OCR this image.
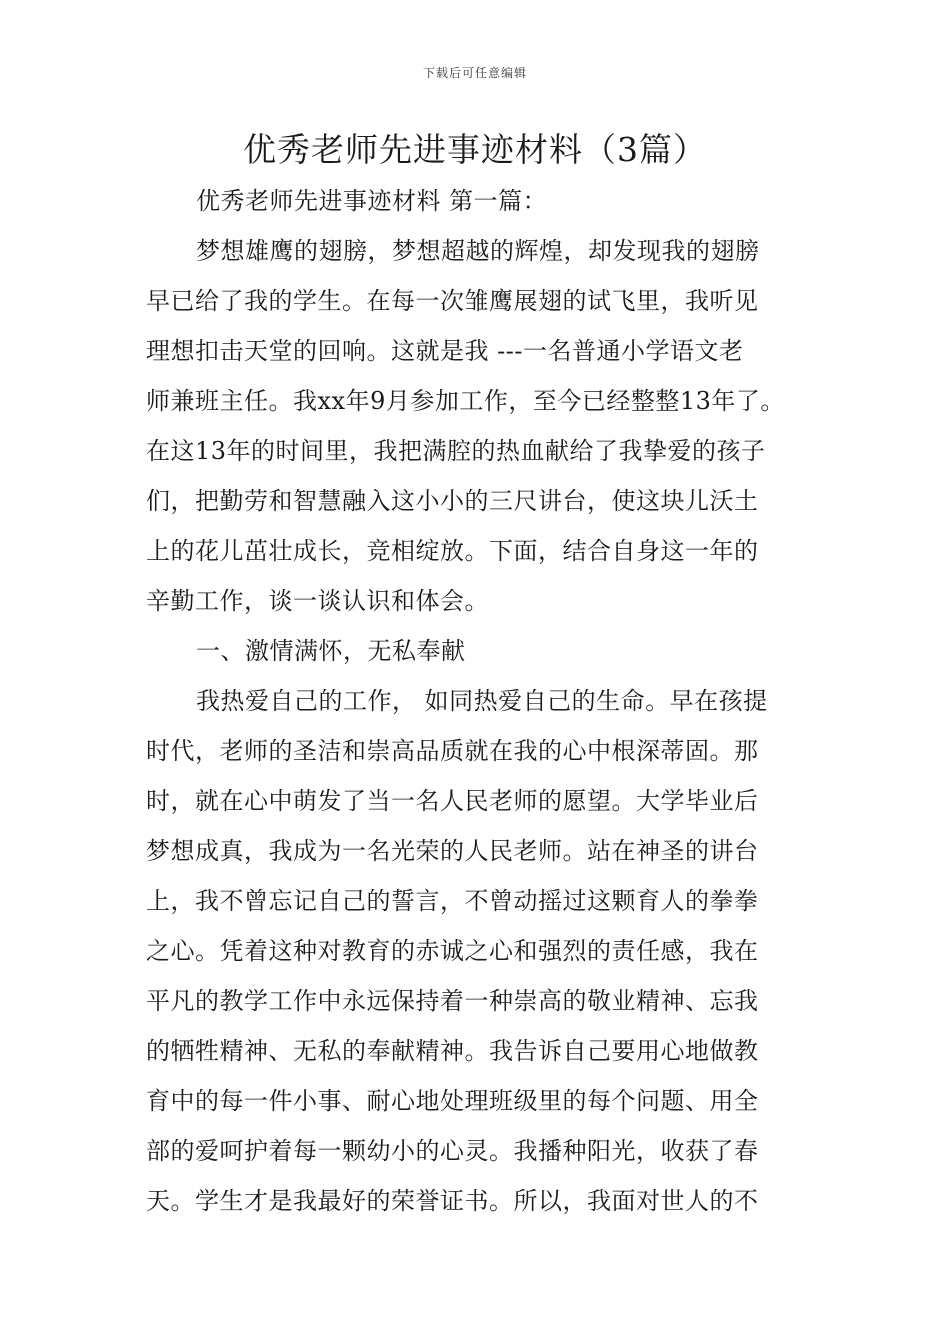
下载后可任意编辑
优秀老师先进事迹材料（3篇）
优秀老师先进事迹材料 第一篇：
梦想雄鹰的翅膀，梦想超越的辉煌，却发现我的翅膀
早已给了我的学生。在每一次雏鹰展翅的试飞里，我听见
理想扣击天堂的回响。这就是我 ---一名普通小学语文老
师兼班主任。我xx年9月参加工作，至今已经整整13年了。
在这13年的时间里，我把满腔的热血献给了我挚爱的孩子
们，把勤劳和智慧融入这小小的三尺讲台，使这块儿沃土
上的花儿茁壮成长，竞相绽放。下面，结合自身这一年的
辛勤工作，谈一谈认识和体会。
一、激情满怀，无私奉献
我热爱自己的工作， 如同热爱自己的生命。早在孩提
时代，老师的圣洁和崇高品质就在我的心中根深蒂固。那
时，就在心中萌发了当一名人民老师的愿望。大学毕业后
梦想成真，我成为一名光荣的人民老师。站在神圣的讲台
上，我不曾忘记自己的誓言，不曾动摇过这颗育人的拳拳
之心。凭着这种对教育的赤诚之心和强烈的责任感，我在
平凡的教学工作中永远保持着一种崇高的敬业精神、忘我
的牺牲精神、无私的奉献精神。我告诉自己要用心地做教
育中的每一件小事、耐心地处理班级里的每个问题、用全
部的爱呵护着每一颗幼小的心灵。我播种阳光，收获了春
天。学生才是我最好的荣誉证书。所以，我面对世人的不
